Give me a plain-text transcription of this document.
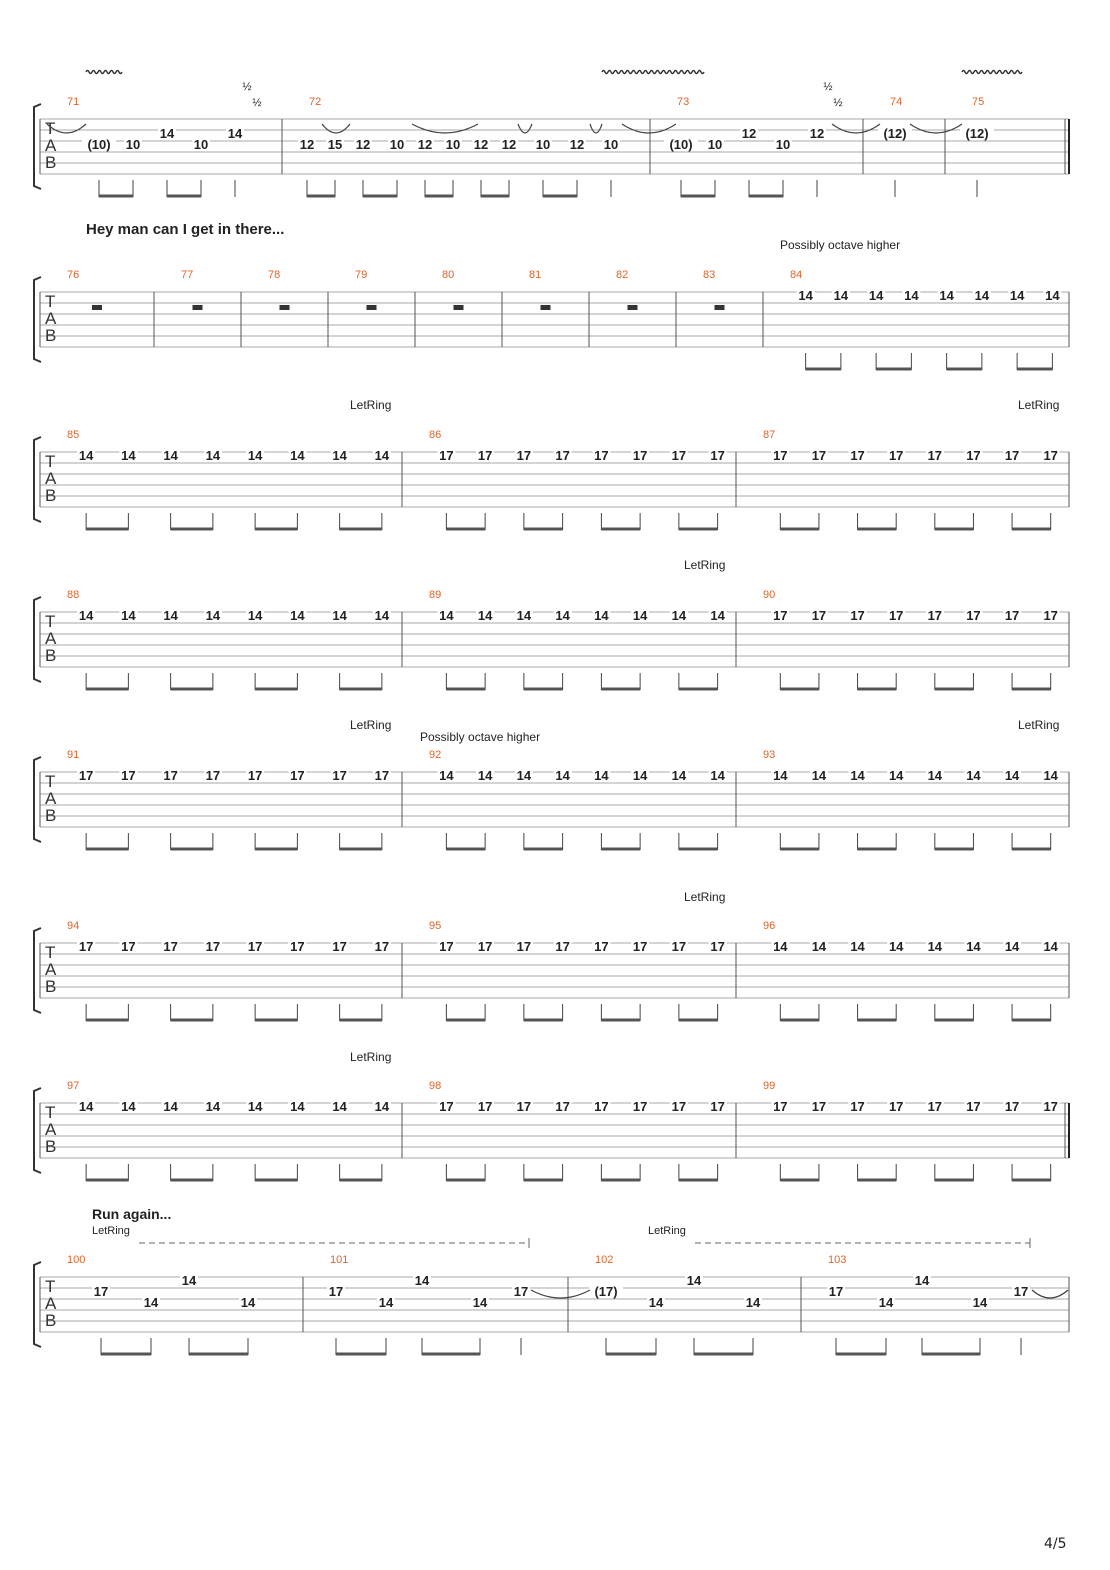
T
A
B
71
(10) 10
14
10
14
72
12 15 12 10 12 10 12 12 10 12 10
73
(10) 10
12
10
12
74
(12)
75
(12)
T
A
B
Hey man can I get in there...
Possibly octave higher
76	77	78	79	80	81	82	83	84
14 14 14 14 14 14 14 14
T
A
B
LetRing	LetRing
85
14 14 14 14 14 14 14 14
86
17 17 17 17 17 17 17 17
87
17 17 17 17 17 17 17 17
T
A
B
LetRing
88
14 14 14 14 14 14 14 14
89
14 14 14 14 14 14 14 14
90
17 17 17 17 17 17 17 17
T
A
B
LetRing
Possibly octave higher
LetRing
91
17 17 17 17 17 17 17 17
92
14 14 14 14 14 14 14 14
93
14 14 14 14 14 14 14 14
T
A
B
LetRing
94
17 17 17 17 17 17 17 17
95
17 17 17 17 17 17 17 17
96
14 14 14 14 14 14 14 14
T
A
B
LetRing
97
14 14 14 14 14 14 14 14
98
17 17 17 17 17 17 17 17
99
17 17 17 17 17 17 17 17
T
A
B
Run again...
LetRing	LetRing
100
17
14
14
14
101
17
14
14
14
17
102
(17)
14
14
14
103
17
14
14
14
17
½
½
½
½
4/5
